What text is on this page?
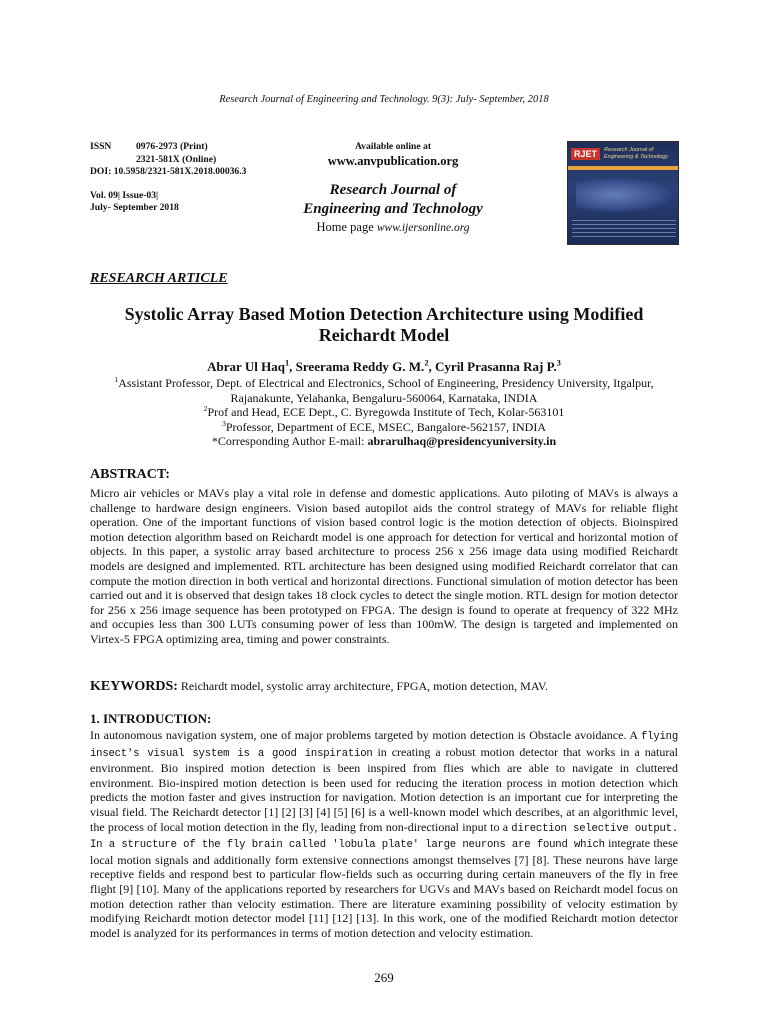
Research Journal of Engineering and Technology. 9(3): July- September, 2018
ISSN	0976-2973 (Print)
2321-581X (Online)
DOI: 10.5958/2321-581X.2018.00036.3
Vol. 09| Issue-03|
July- September 2018
Available online at
www.anvpublication.org
Research Journal of
Engineering and Technology
Home page www.ijersonline.org
RJET	Research Journal of Engineering & Technology
RESEARCH ARTICLE
Systolic Array Based Motion Detection Architecture using Modified Reichardt Model
Abrar Ul Haq$^1$, Sreerama Reddy G. M.$^2$, Cyril Prasanna Raj P.$^3$
$^1$Assistant Professor, Dept. of Electrical and Electronics, School of Engineering, Presidency University, Itgalpur,
Rajanakunte, Yelahanka, Bengaluru-560064, Karnataka, INDIA
$^2$Prof and Head, ECE Dept., C. Byregowda Institute of Tech, Kolar-563101
$^3$Professor, Department of ECE, MSEC, Bangalore-562157, INDIA
*Corresponding Author E-mail: abrarulhaq@presidencyuniversity.in
ABSTRACT:
Micro air vehicles or MAVs play a vital role in defense and domestic applications. Auto piloting of MAVs is always a challenge to hardware design engineers. Vision based autopilot aids the control strategy of MAVs for reliable flight operation. One of the important functions of vision based control logic is the motion detection of objects. Bioinspired motion detection algorithm based on Reichardt model is one approach for detection for vertical and horizontal motion of objects. In this paper, a systolic array based architecture to process 256 x 256 image data using modified Reichardt models are designed and implemented. RTL architecture has been designed using modified Reichardt correlator that can compute the motion direction in both vertical and horizontal directions. Functional simulation of motion detector has been carried out and it is observed that design takes 18 clock cycles to detect the single motion. RTL design for motion detector for 256 x 256 image sequence has been prototyped on FPGA. The design is found to operate at frequency of 322 MHz and occupies less than 300 LUTs consuming power of less than 100mW. The design is targeted and implemented on Virtex-5 FPGA optimizing area, timing and power constraints.
KEYWORDS: Reichardt model, systolic array architecture, FPGA, motion detection, MAV.
1. INTRODUCTION:
In autonomous navigation system, one of major problems targeted by motion detection is Obstacle avoidance. A flying insect's visual system is a good inspiration in creating a robust motion detector that works in a natural environment. Bio inspired motion detection is been inspired from flies which are able to navigate in cluttered environment. Bio-inspired motion detection is been used for reducing the iteration process in motion detection which predicts the motion faster and gives instruction for navigation. Motion detection is an important cue for interpreting the visual field. The Reichardt detector [1] [2] [3] [4] [5] [6] is a well-known model which describes, at an algorithmic level, the process of local motion detection in the fly, leading from non-directional input to a direction selective output. In a structure of the fly brain called 'lobula plate' large neurons are found which integrate these local motion signals and additionally form extensive connections amongst themselves [7] [8]. These neurons have large receptive fields and respond best to particular flow-fields such as occurring during certain maneuvers of the fly in free flight [9] [10]. Many of the applications reported by researchers for UGVs and MAVs based on Reichardt model focus on motion detection rather than velocity estimation. There are literature examining possibility of velocity estimation by modifying Reichardt motion detector model [11] [12] [13]. In this work, one of the modified Reichardt motion detector model is analyzed for its performances in terms of motion detection and velocity estimation.
269
